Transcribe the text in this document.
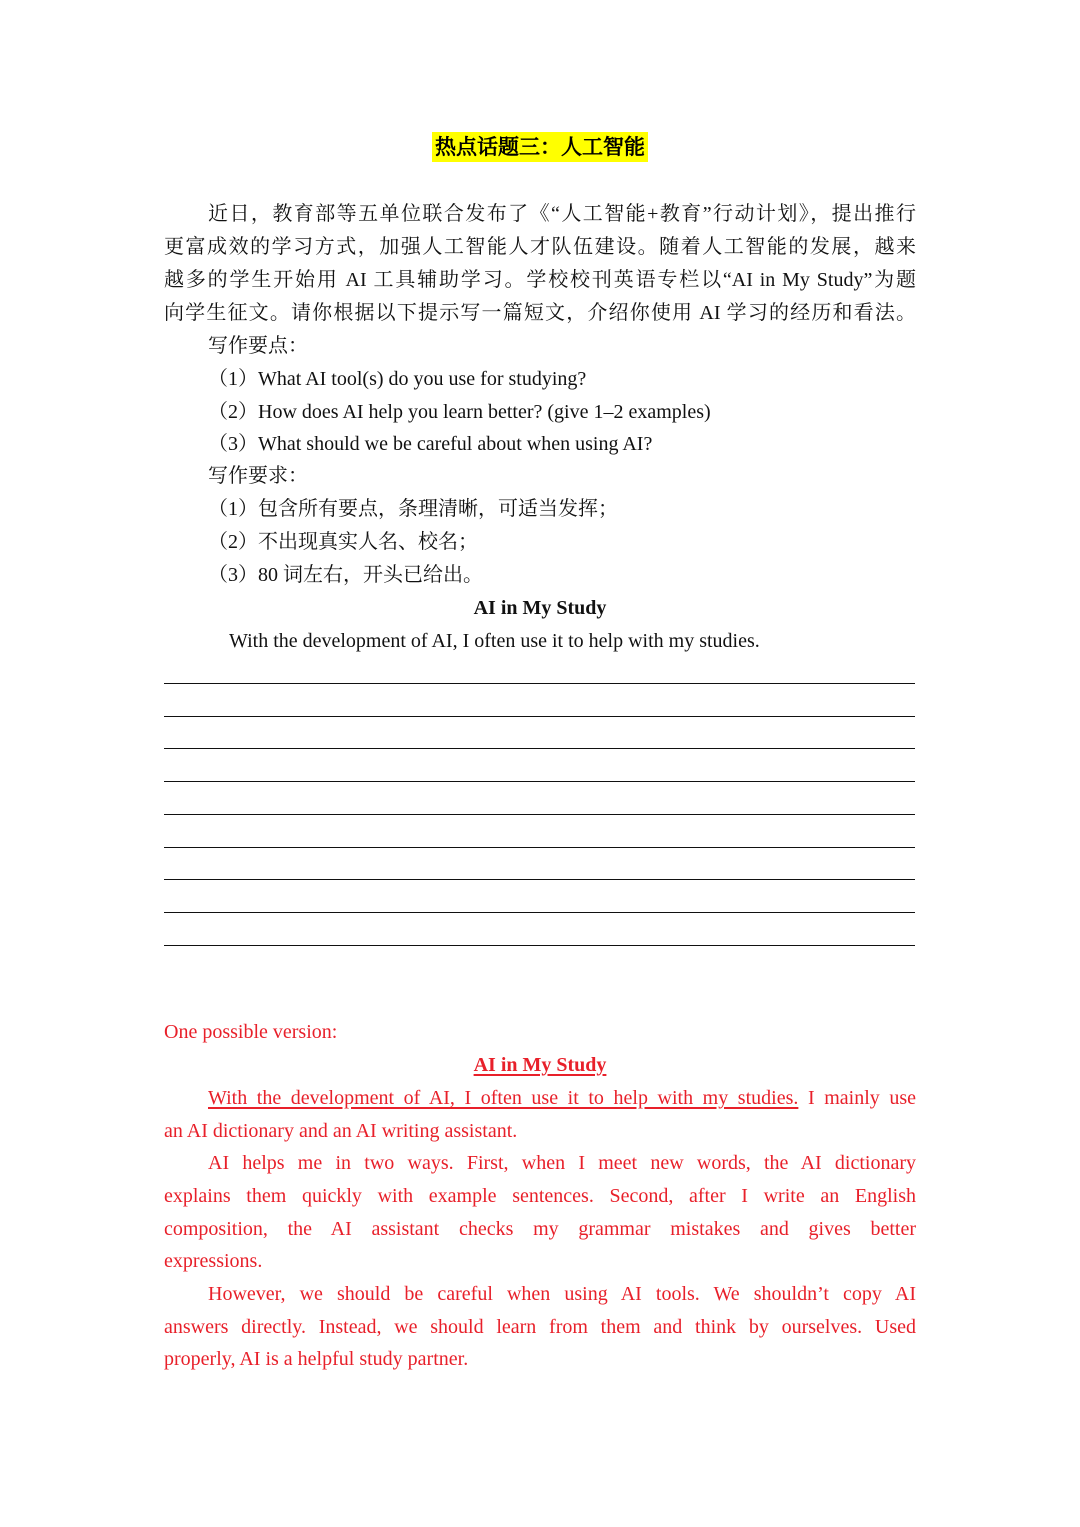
热点话题三：人工智能
近日，教育部等五单位联合发布了《“人工智能+教育”行动计划》，提出推行
更富成效的学习方式，加强人工智能人才队伍建设。随着人工智能的发展，越来
越多的学生开始用 AI 工具辅助学习。学校校刊英语专栏以“AI in My Study”为题
向学生征文。请你根据以下提示写一篇短文，介绍你使用 AI 学习的经历和看法。
写作要点：
（1）What AI tool(s) do you use for studying?
（2）How does AI help you learn better? (give 1–2 examples)
（3）What should we be careful about when using AI?
写作要求：
（1）包含所有要点，条理清晰，可适当发挥；
（2）不出现真实人名、校名；
（3）80 词左右，开头已给出。
AI in My Study
With the development of AI, I often use it to help with my studies.
One possible version:
AI in My Study
With the development of AI, I often use it to help with my studies. I mainly use
an AI dictionary and an AI writing assistant.
AI helps me in two ways. First, when I meet new words, the AI dictionary
explains them quickly with example sentences. Second, after I write an English
composition, the AI assistant checks my grammar mistakes and gives better
expressions.
However, we should be careful when using AI tools. We shouldn’t copy AI
answers directly. Instead, we should learn from them and think by ourselves. Used
properly, AI is a helpful study partner.
